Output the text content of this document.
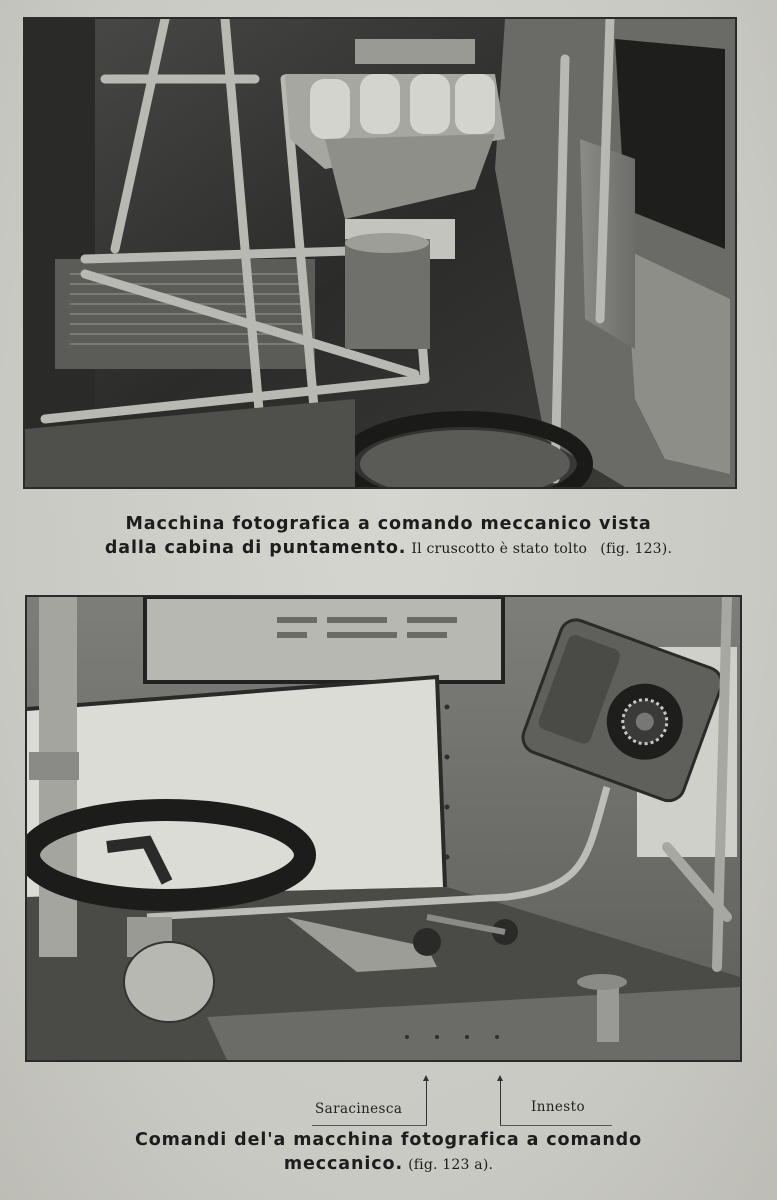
Macchina fotografica a comando meccanico vista
dalla cabina di puntamento. Il cruscotto è stato tolto (fig. 123).
Saracinesca	Innesto
Comandi del'a macchina fotografica a comando
meccanico. (fig. 123 a).
